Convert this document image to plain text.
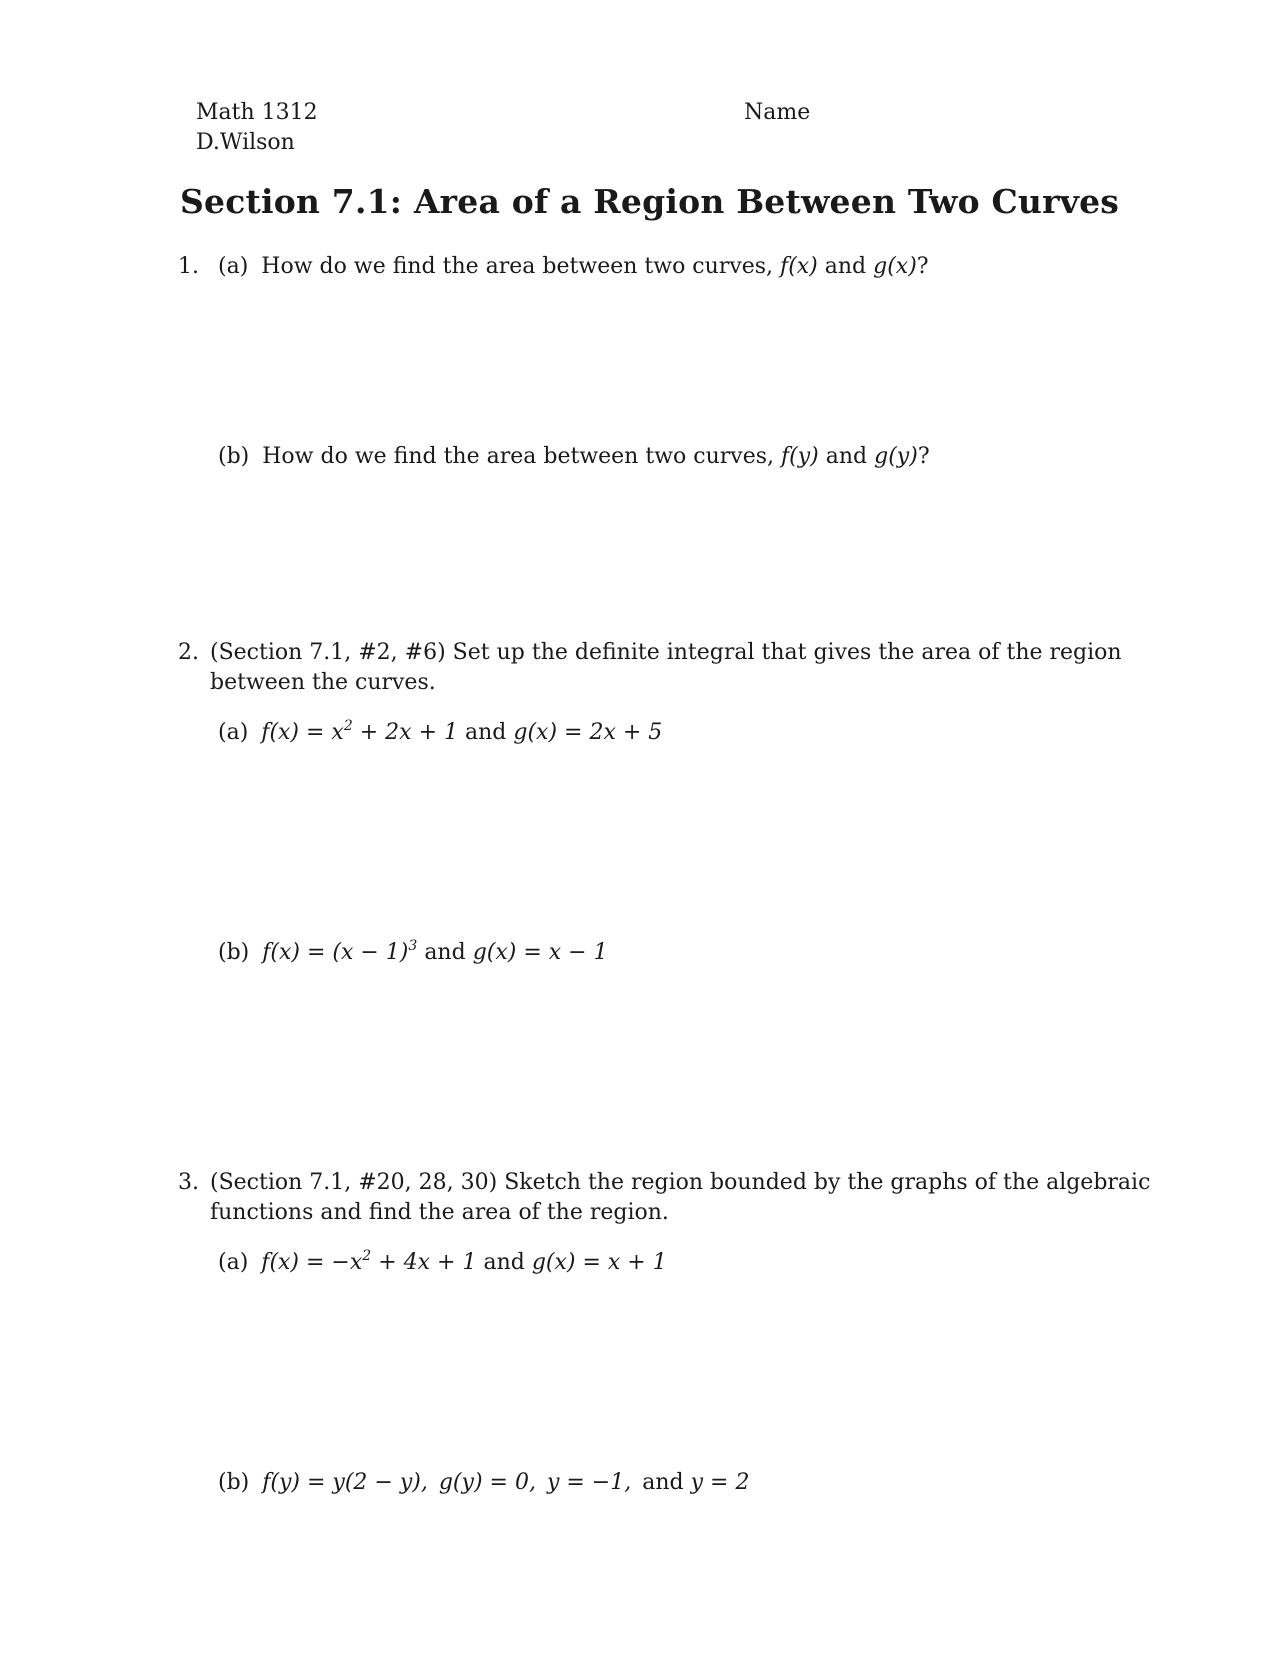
Math 1312
D.Wilson
Name
Section 7.1: Area of a Region Between Two Curves
1. (a) How do we find the area between two curves, f(x) and g(x)?
(b) How do we find the area between two curves, f(y) and g(y)?
2. (Section 7.1, #2, #6) Set up the definite integral that gives the area of the region
between the curves.
(a) $f(x) = x^2 + 2x + 1$ and g(x) = 2x + 5
(b) $f(x) = (x - 1)^3$ and g(x) = x − 1
3. (Section 7.1, #20, 28, 30) Sketch the region bounded by the graphs of the algebraic
functions and find the area of the region.
(a) $f(x) = -x^2 + 4x + 1$ and g(x) = x + 1
(b) f(y) = y(2 − y), g(y) = 0, y = −1, and y = 2
